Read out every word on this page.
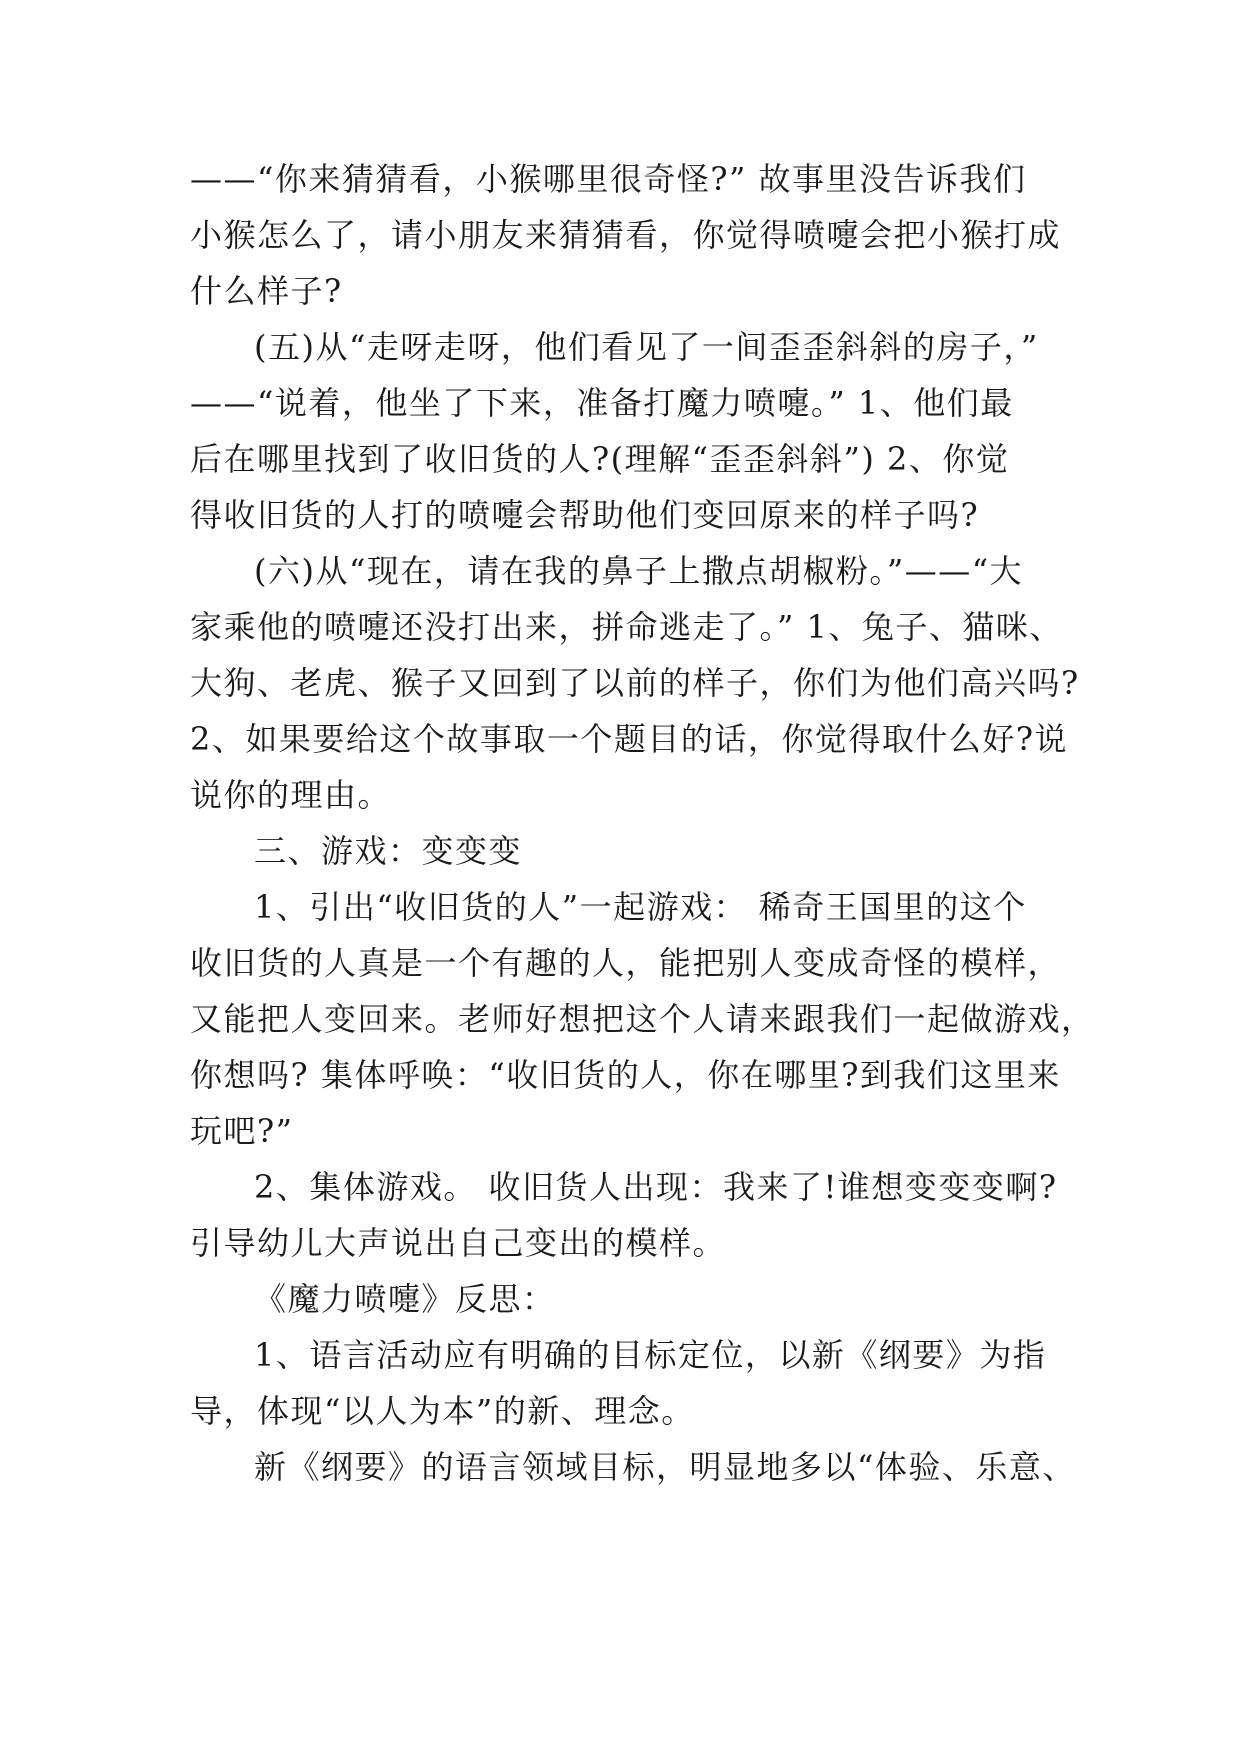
——“你来猜猜看，小猴哪里很奇怪?” 故事里没告诉我们
小猴怎么了，请小朋友来猜猜看，你觉得喷嚏会把小猴打成
什么样子?
(五)从“走呀走呀，他们看见了一间歪歪斜斜的房子，”
——“说着，他坐了下来，准备打魔力喷嚏。” 1、他们最
后在哪里找到了收旧货的人?(理解“歪歪斜斜”) 2、你觉
得收旧货的人打的喷嚏会帮助他们变回原来的样子吗?
(六)从“现在，请在我的鼻子上撒点胡椒粉。”——“大
家乘他的喷嚏还没打出来，拼命逃走了。” 1、兔子、猫咪、
大狗、老虎、猴子又回到了以前的样子，你们为他们高兴吗?
2、如果要给这个故事取一个题目的话，你觉得取什么好?说
说你的理由。
三、游戏：变变变
1、引出“收旧货的人”一起游戏： 稀奇王国里的这个
收旧货的人真是一个有趣的人，能把别人变成奇怪的模样，
又能把人变回来。老师好想把这个人请来跟我们一起做游戏，
你想吗? 集体呼唤：“收旧货的人，你在哪里?到我们这里来
玩吧?”
2、集体游戏。 收旧货人出现：我来了!谁想变变变啊?
引导幼儿大声说出自己变出的模样。
《魔力喷嚏》反思：
1、语言活动应有明确的目标定位，以新《纲要》为指
导，体现“以人为本”的新、理念。
新《纲要》的语言领域目标，明显地多以“体验、乐意、
